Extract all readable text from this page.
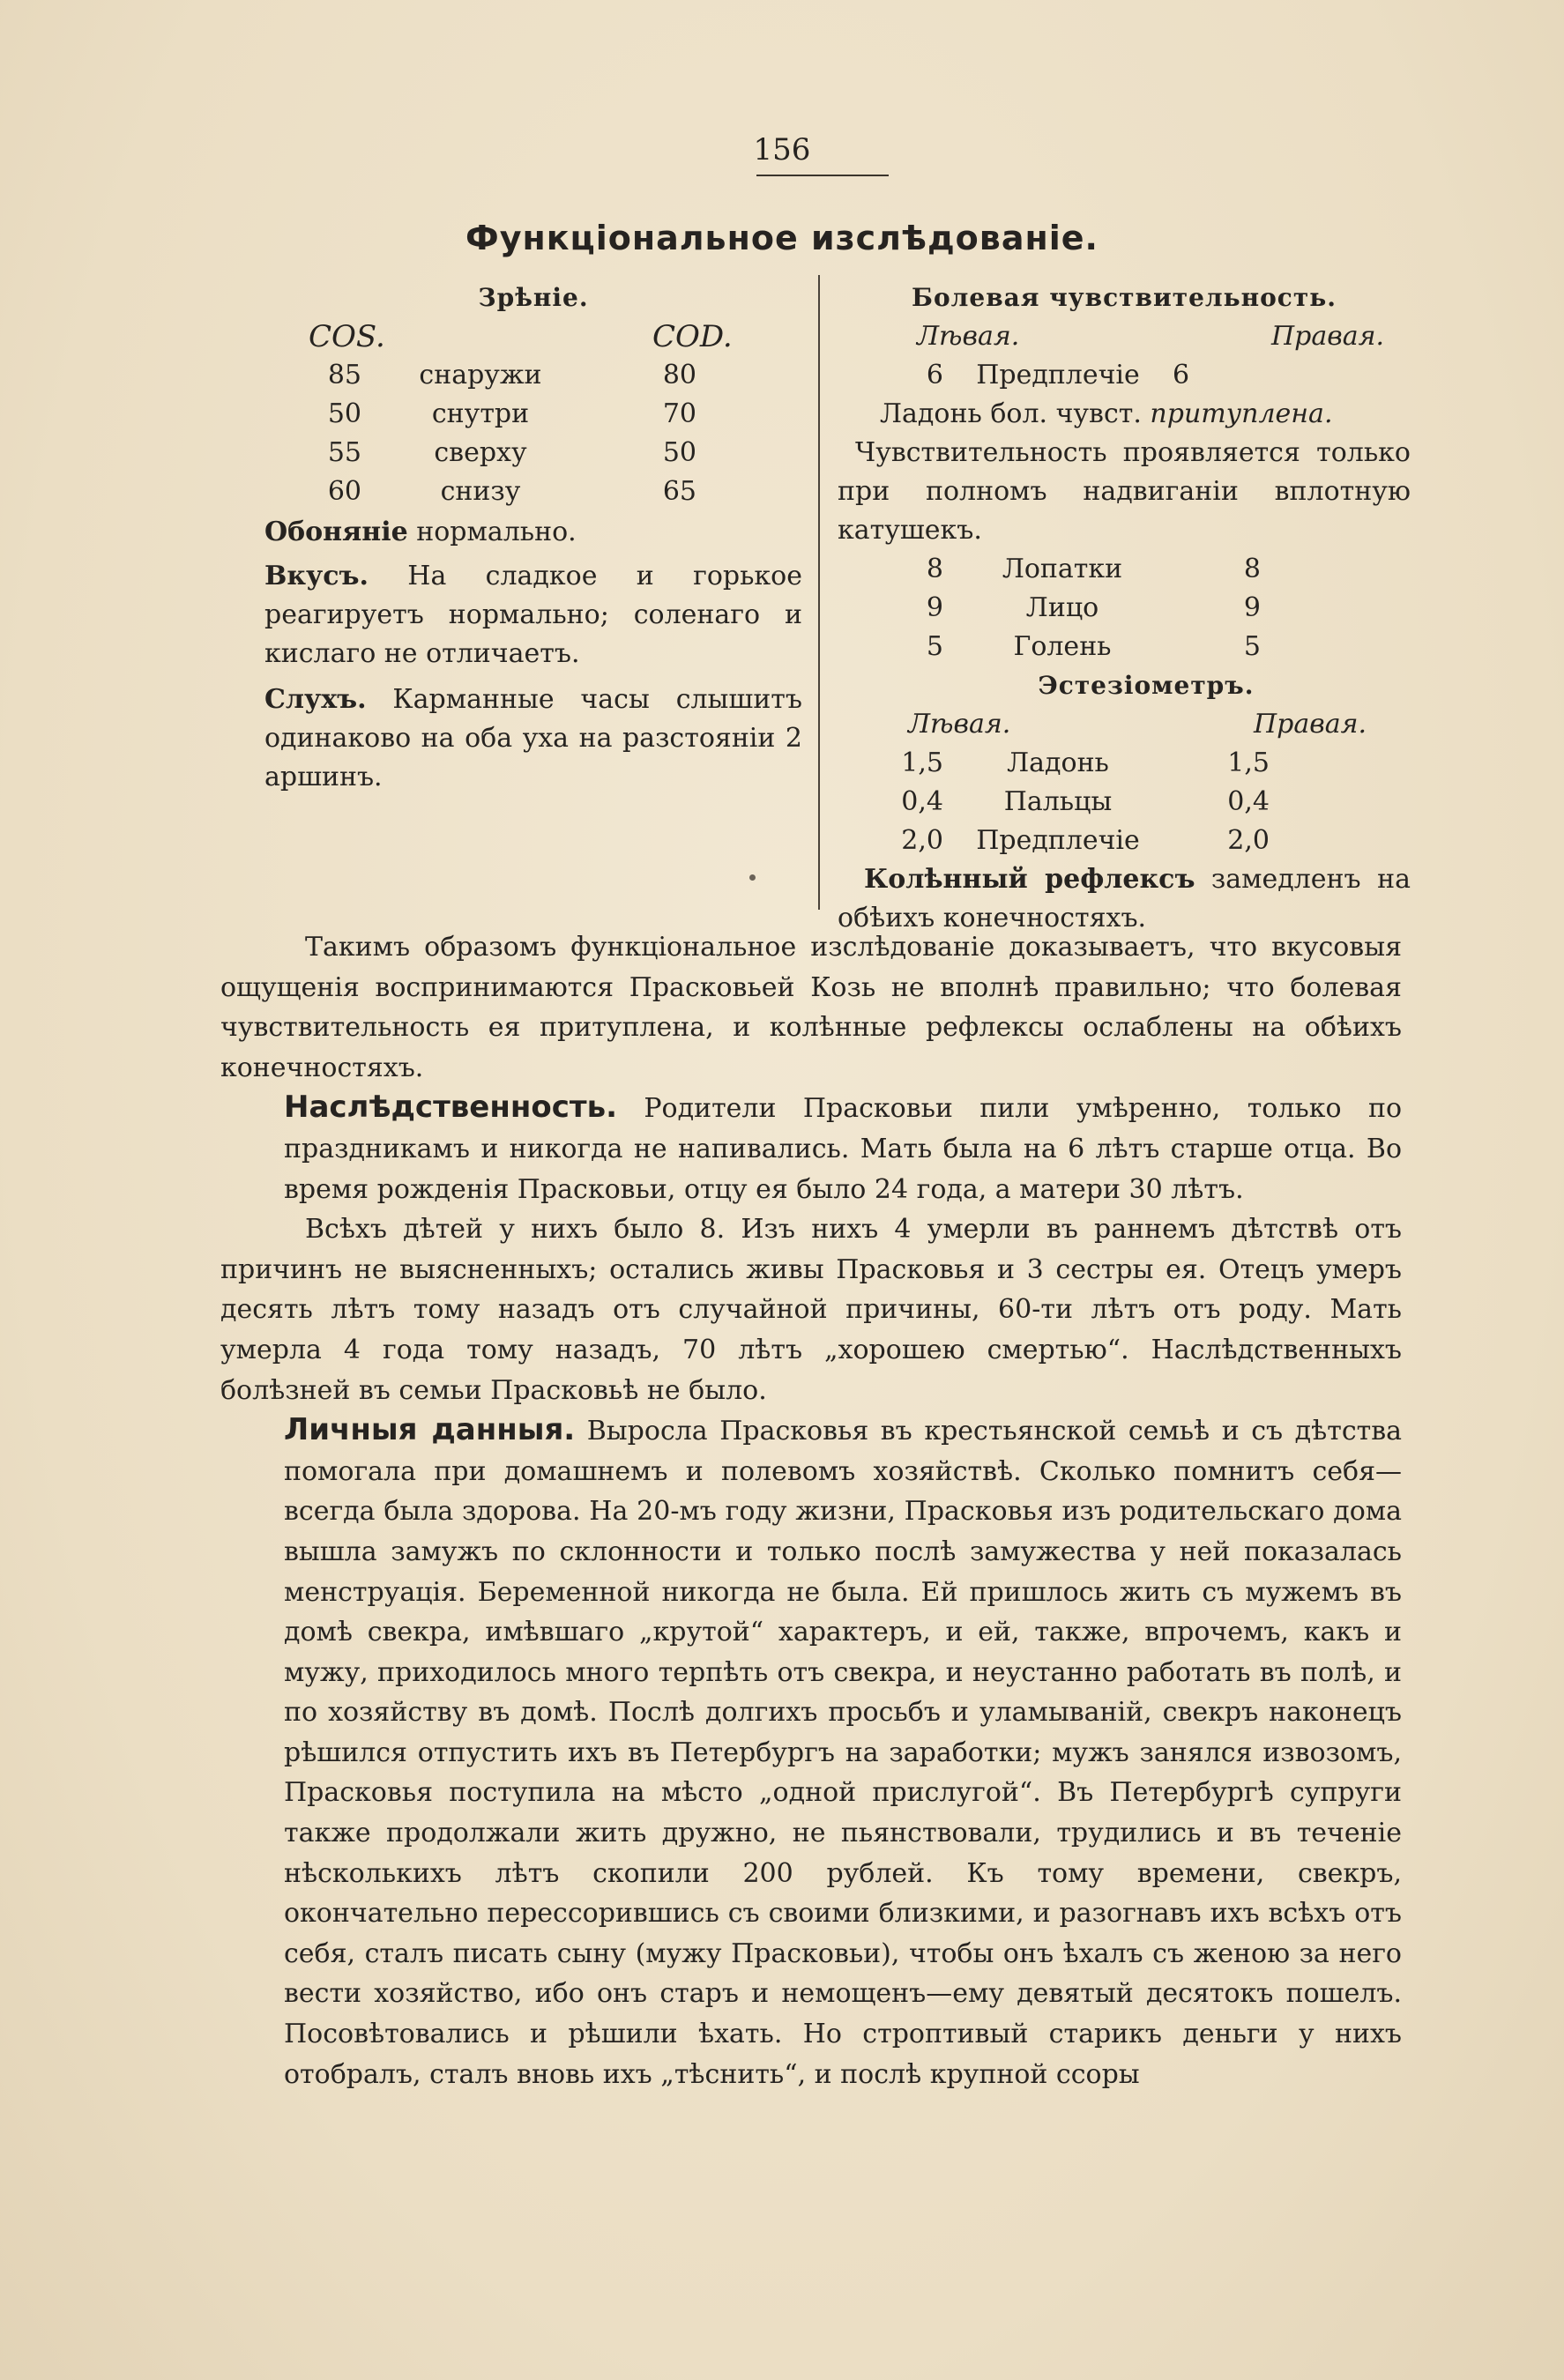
156
Функціональное изслѣдованіе.
Зрѣніе.
COS.	COD.
85	снаружи	80
50	снутри	70
55	сверху	50
60	снизу	65
Обоняніе нормально.
Вкусъ. На сладкое и горькое реагируетъ нормально; соленаго и кислаго не отличаетъ.
Слухъ. Карманные часы слышитъ одинаково на оба уха на разстояніи 2 аршинъ.
Болевая чувствительность.
Лѣвая.	Правая.
6	Предплечіе	6
Ладонь бол. чувст. притуплена.
Чувствительность проявляется только при полномъ надвиганіи вплотную катушекъ.
8	Лопатки	8
9	Лицо	9
5	Голень	5
Эстезіометръ.
Лѣвая.	Правая.
1,5	Ладонь	1,5
0,4	Пальцы	0,4
2,0	Предплечіе	2,0
Колѣнный рефлексъ замедленъ на обѣихъ конечностяхъ.

Такимъ образомъ функціональное изслѣдованіе доказываетъ, что вкусовыя ощущенія воспринимаются Прасковьей Козь не вполнѣ правильно; что болевая чувствительность ея притуплена, и колѣнные рефлексы ослаблены на обѣихъ конечностяхъ.

Наслѣдственность. Родители Прасковьи пили умѣренно, только по праздникамъ и никогда не напивались. Мать была на 6 лѣтъ старше отца. Во время рожденія Прасковьи, отцу ея было 24 года, а матери 30 лѣтъ.

Всѣхъ дѣтей у нихъ было 8. Изъ нихъ 4 умерли въ раннемъ дѣтствѣ отъ причинъ не выясненныхъ; остались живы Прасковья и 3 сестры ея. Отецъ умеръ десять лѣтъ тому назадъ отъ случайной причины, 60-ти лѣтъ отъ роду. Мать умерла 4 года тому назадъ, 70 лѣтъ „хорошею смертью“. Наслѣдственныхъ болѣзней въ семьи Прасковьѣ не было.

Личныя данныя. Выросла Прасковья въ крестьянской семьѣ и съ дѣтства помогала при домашнемъ и полевомъ хозяйствѣ. Сколько помнитъ себя—всегда была здорова. На 20-мъ году жизни, Прасковья изъ родительскаго дома вышла замужъ по склонности и только послѣ замужества у ней показалась менструація. Беременной никогда не была. Ей пришлось жить съ мужемъ въ домѣ свекра, имѣвшаго „крутой“ характеръ, и ей, также, впрочемъ, какъ и мужу, приходилось много терпѣть отъ свекра, и неустанно работать въ полѣ, и по хозяйству въ домѣ. Послѣ долгихъ просьбъ и уламываній, свекръ наконецъ рѣшился отпустить ихъ въ Петербургъ на заработки; мужъ занялся извозомъ, Прасковья поступила на мѣсто „одной прислугой“. Въ Петербургѣ супруги также продолжали жить дружно, не пьянствовали, трудились и въ теченіе нѣсколькихъ лѣтъ скопили 200 рублей. Къ тому времени, свекръ, окончательно перессорившись съ своими близкими, и разогнавъ ихъ всѣхъ отъ себя, сталъ писать сыну (мужу Прасковьи), чтобы онъ ѣхалъ съ женою за него вести хозяйство, ибо онъ старъ и немощенъ—ему девятый десятокъ пошелъ. Посовѣтовались и рѣшили ѣхать. Но строптивый старикъ деньги у нихъ отобралъ, сталъ вновь ихъ „тѣснить“, и послѣ крупной ссоры
